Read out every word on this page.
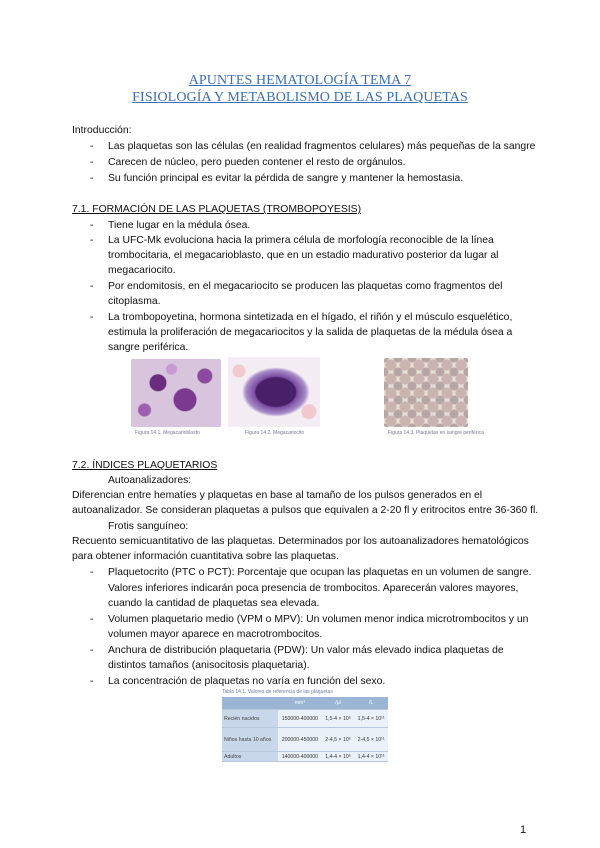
APUNTES HEMATOLOGÍA TEMA 7
FISIOLOGÍA Y METABOLISMO DE LAS PLAQUETAS
Introducción:
- Las plaquetas son las células (en realidad fragmentos celulares) más pequeñas de la sangre
- Carecen de núcleo, pero pueden contener el resto de orgánulos.
- Su función principal es evitar la pérdida de sangre y mantener la hemostasia.
7.1. FORMACIÓN DE LAS PLAQUETAS (TROMBOPOYESIS)
- Tiene lugar en la médula ósea.
- La UFC-Mk evoluciona hacia la primera célula de morfología reconocible de la línea
trombocitaria, el megacarioblasto, que en un estadio madurativo posterior da lugar al
megacariocito.
- Por endomitosis, en el megacariocito se producen las plaquetas como fragmentos del
citoplasma.
- La trombopoyetina, hormona sintetizada en el hígado, el riñón y el músculo esquelético,
estimula la proliferación de megacariocitos y la salida de plaquetas de la médula ósea a
sangre periférica.
Figura 14.1. Megacarioblasto	Figura 14.2. Megacariocito	Figura 14.3. Plaquetas en sangre periférica
7.2. ÍNDICES PLAQUETARIOS
Autoanalizadores:
Diferencian entre hematíes y plaquetas en base al tamaño de los pulsos generados en el
autoanalizador. Se consideran plaquetas a pulsos que equivalen a 2-20 fl y eritrocitos entre 36-360 fl.
Frotis sanguíneo:
Recuento semicuantitativo de las plaquetas. Determinados por los autoanalizadores hematológicos
para obtener información cuantitativa sobre las plaquetas.
- Plaquetocrito (PTC o PCT): Porcentaje que ocupan las plaquetas en un volumen de sangre.
Valores inferiores indicarán poca presencia de trombocitos. Aparecerán valores mayores,
cuando la cantidad de plaquetas sea elevada.
- Volumen plaquetario medio (VPM o MPV): Un volumen menor indica microtrombocitos y un
volumen mayor aparece en macrotrombocitos.
- Anchura de distribución plaquetaria (PDW): Un valor más elevado indica plaquetas de
distintos tamaños (anisocitosis plaquetaria).
- La concentración de plaquetas no varía en función del sexo.
Tabla 14.1. Valores de referencia de las plaquetas
	mm³	/µl	/L
Recién nacidos	150000-400000	1,5-4 × 10⁵	1,5-4 × 10¹¹
Niños hasta 10 años	200000-450000	2-4,5 × 10⁵	2-4,5 × 10¹¹
Adultos	140000-400000	1,4-4 × 10⁵	1,4-4 × 10¹¹
1
